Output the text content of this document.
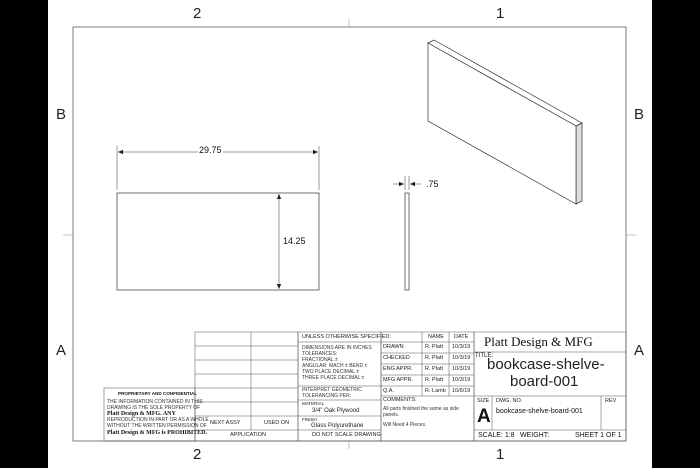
2	1
2	1
B
A
B
A
29.75
14.25
.75
PROPRIETARY AND CONFIDENTIAL
THE INFORMATION CONTAINED IN THIS
DRAWING IS THE SOLE PROPERTY OF
Platt Design & MFG. ANY
REPRODUCTION IN PART OR AS A WHOLE
WITHOUT THE WRITTEN PERMISSION OF
Platt Design & MFG is PROHIBITED.
NEXT ASSY	USED ON
APPLICATION
UNLESS OTHERWISE SPECIFIED:
DIMENSIONS ARE IN INCHES
TOLERANCES:
FRACTIONAL ±
ANGULAR: MACH ± BEND ±
TWO PLACE DECIMAL ±
THREE PLACE DECIMAL ±
INTERPRET GEOMETRIC
TOLERANCING PER:
MATERIAL
3/4" Oak Plywood
FINISH
Glass Polyurethane
DO NOT SCALE DRAWING
NAME DATE
DRAWN	R. Platt 10/3/19
CHECKED	R. Platt 10/3/19
ENG APPR. R. Platt 10/3/19
MFG APPR. R. Platt 10/3/19
Q.A.	R. Lamb 10/6/19
COMMENTS:
All parts finished the same as side
panels.
Will Need 4 Pieces.
Platt Design & MFG
TITLE:
bookcase-shelve-
board-001
SIZE
A
DWG. NO.
bookcase-shelve-board-001
REV
SCALE: 1:8 WEIGHT:	SHEET 1 OF 1
